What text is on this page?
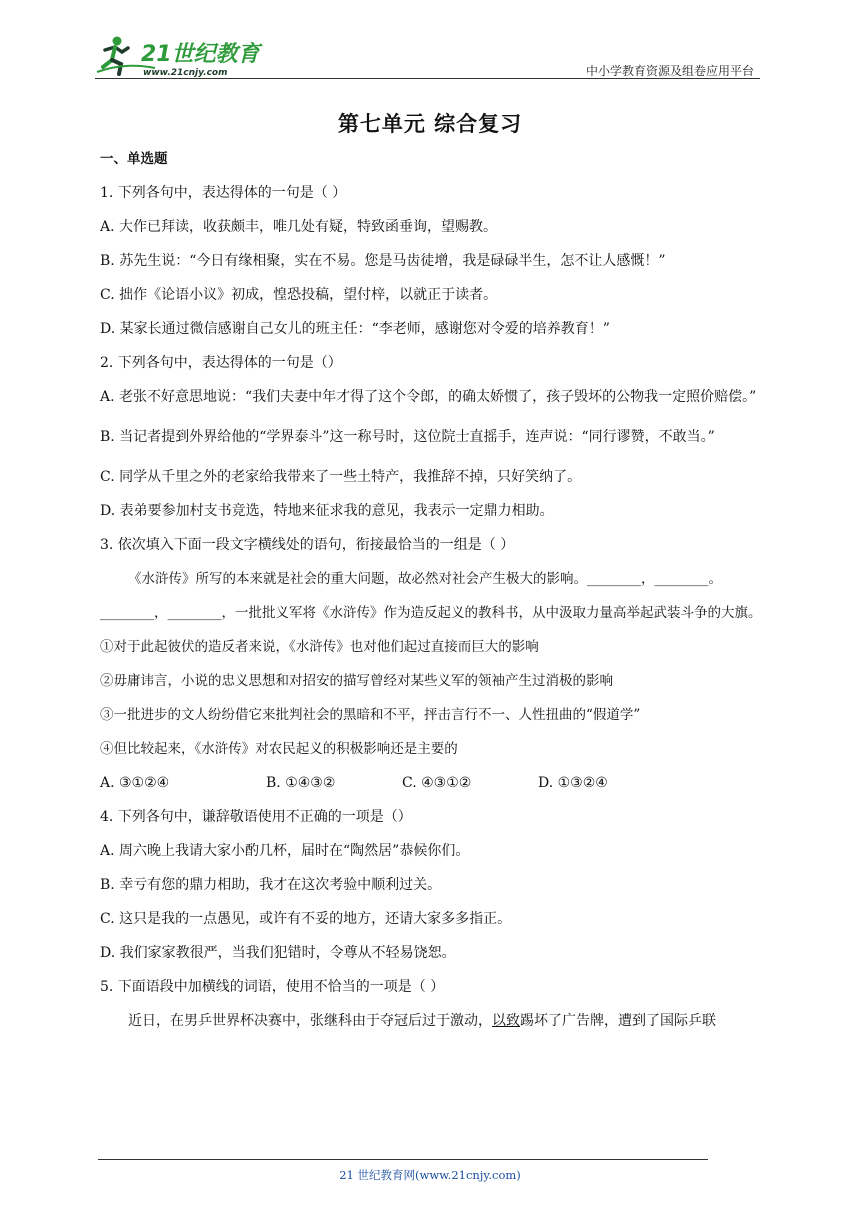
21世纪教育
www.21cnjy.com	中小学教育资源及组卷应用平台
第七单元 综合复习
一、单选题
1. 下列各句中，表达得体的一句是（ ）
A. 大作已拜读，收获颇丰，唯几处有疑，特致函垂询，望赐教。
B. 苏先生说：“今日有缘相聚，实在不易。您是马齿徒增，我是碌碌半生，怎不让人感慨！”
C. 拙作《论语小议》初成，惶恐投稿，望付梓，以就正于读者。
D. 某家长通过微信感谢自己女儿的班主任：“李老师，感谢您对令爱的培养教育！”
2. 下列各句中，表达得体的一句是（）
A. 老张不好意思地说：“我们夫妻中年才得了这个令郎，的确太娇惯了，孩子毁坏的公物我一定照价赔偿。”
B. 当记者提到外界给他的“学界泰斗”这一称号时，这位院士直摇手，连声说：“同行谬赞，不敢当。”
C. 同学从千里之外的老家给我带来了一些土特产，我推辞不掉，只好笑纳了。
D. 表弟要参加村支书竞选，特地来征求我的意见，我表示一定鼎力相助。
3. 依次填入下面一段文字横线处的语句，衔接最恰当的一组是（ ）
《水浒传》所写的本来就是社会的重大问题，故必然对社会产生极大的影响。________，________。________，________，一批批义军将《水浒传》作为造反起义的教科书，从中汲取力量高举起武装斗争的大旗。
①对于此起彼伏的造反者来说，《水浒传》也对他们起过直接而巨大的影响
②毋庸讳言，小说的忠义思想和对招安的描写曾经对某些义军的领袖产生过消极的影响
③一批进步的文人纷纷借它来批判社会的黑暗和不平，抨击言行不一、人性扭曲的“假道学”
④但比较起来，《水浒传》对农民起义的积极影响还是主要的
A. ③①②④	B. ①④③②	C. ④③①②	D. ①③②④
4. 下列各句中，谦辞敬语使用不正确的一项是（）
A. 周六晚上我请大家小酌几杯，届时在“陶然居”恭候你们。
B. 幸亏有您的鼎力相助，我才在这次考验中顺利过关。
C. 这只是我的一点愚见，或许有不妥的地方，还请大家多多指正。
D. 我们家家教很严，当我们犯错时，令尊从不轻易饶恕。
5. 下面语段中加横线的词语，使用不恰当的一项是（ ）
近日，在男乒世界杯决赛中，张继科由于夺冠后过于激动，以致踢坏了广告牌，遭到了国际乒联
21 世纪教育网(www.21cnjy.com)
